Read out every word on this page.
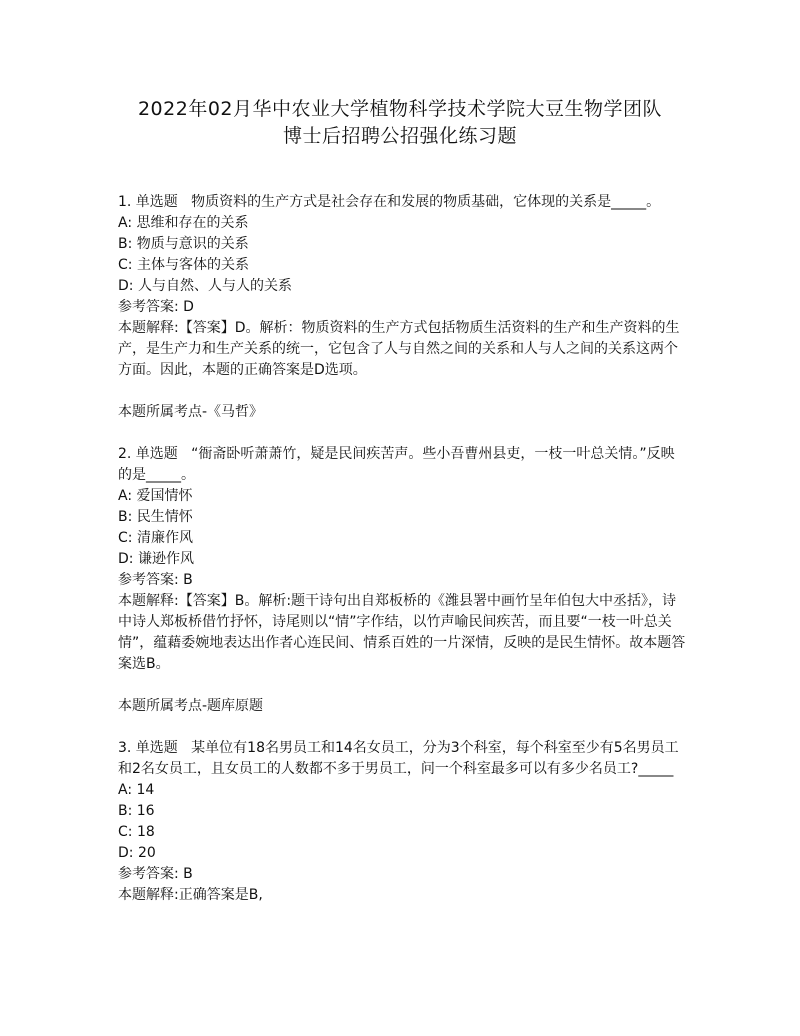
2022年02月华中农业大学植物科学技术学院大豆生物学团队
博士后招聘公招强化练习题

1. 单选题   物质资料的生产方式是社会存在和发展的物质基础，它体现的关系是_____。

A: 思维和存在的关系

B: 物质与意识的关系

C: 主体与客体的关系

D: 人与自然、人与人的关系

参考答案: D

本题解释:【答案】D。解析：物质资料的生产方式包括物质生活资料的生产和生产资料的生产，是生产力和生产关系的统一，它包含了人与自然之间的关系和人与人之间的关系这两个方面。因此，本题的正确答案是D选项。

本题所属考点-《马哲》

2. 单选题   “衙斋卧听萧萧竹，疑是民间疾苦声。些小吾曹州县吏，一枝一叶总关情。”反映的是_____。

A: 爱国情怀

B: 民生情怀

C: 清廉作风

D: 谦逊作风

参考答案: B

本题解释:【答案】B。解析:题干诗句出自郑板桥的《潍县署中画竹呈年伯包大中丞括》，诗中诗人郑板桥借竹抒怀，诗尾则以“情”字作结，以竹声喻民间疾苦，而且要“一枝一叶总关情”，蕴藉委婉地表达出作者心连民间、情系百姓的一片深情，反映的是民生情怀。故本题答案选B。

本题所属考点-题库原题

3. 单选题   某单位有18名男员工和14名女员工，分为3个科室，每个科室至少有5名男员工和2名女员工，且女员工的人数都不多于男员工，问一个科室最多可以有多少名员工?_____

A: 14

B: 16

C: 18

D: 20

参考答案: B

本题解释:正确答案是B,
